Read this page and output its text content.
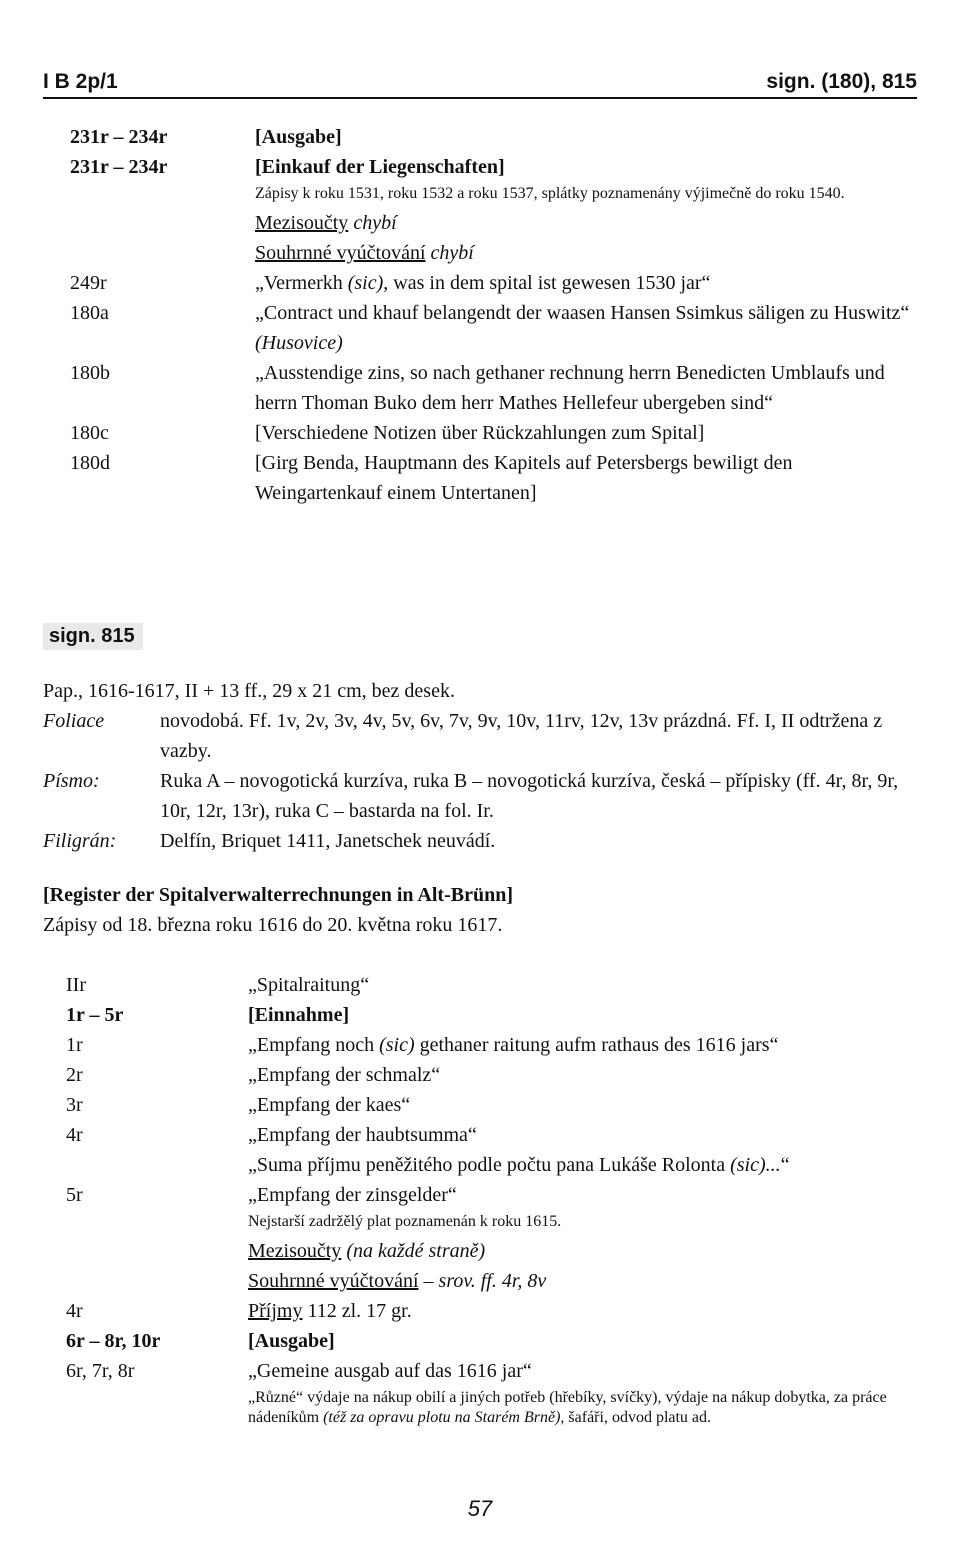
I B 2p/1	sign. (180), 815
231r – 234r	[Ausgabe]
231r – 234r	[Einkauf der Liegenschaften]
Zápisy k roku 1531, roku 1532 a roku 1537, splátky poznamenány výjimečně do roku 1540.
Mezisoučty chybí
Souhrnné vyúčtování chybí
249r	„Vermerkh (sic), was in dem spital ist gewesen 1530 jar“
180a	„Contract und khauf belangendt der waasen Hansen Ssimkus säligen zu Huswitz“ (Husovice)
180b	„Ausstendige zins, so nach gethaner rechnung herrn Benedicten Umblaufs und herrn Thoman Buko dem herr Mathes Hellefeur ubergeben sind“
180c	[Verschiedene Notizen über Rückzahlungen zum Spital]
180d	[Girg Benda, Hauptmann des Kapitels auf Petersbergs bewiligt den Weingartenkauf einem Untertanen]
sign. 815
Pap., 1616-1617, II + 13 ff., 29 x 21 cm, bez desek.
Foliace	novodobá. Ff. 1v, 2v, 3v, 4v, 5v, 6v, 7v, 9v, 10v, 11rv, 12v, 13v prázdná. Ff. I, II odtržena z vazby.
Písmo:	Ruka A – novogotická kurzíva, ruka B – novogotická kurzíva, česká – přípisky (ff. 4r, 8r, 9r, 10r, 12r, 13r), ruka C – bastarda na fol. Ir.
Filigrán:	Delfín, Briquet 1411, Janetschek neuvádí.
[Register der Spitalverwalterrechnungen in Alt-Brünn]
Zápisy od 18. března roku 1616 do 20. května roku 1617.
IIr	„Spitalraitung“
1r – 5r	[Einnahme]
1r	„Empfang noch (sic) gethaner raitung aufm rathaus des 1616 jars“
2r	„Empfang der schmalz“
3r	„Empfang der kaes“
4r	„Empfang der haubtsumma“
„Suma příjmu peněžitého podle počtu pana Lukáše Rolonta (sic)...“
5r	„Empfang der zinsgelder“
Nejstarší zadržělý plat poznamenán k roku 1615.
Mezisoučty (na každé straně)
Souhrnné vyúčtování – srov. ff. 4r, 8v
4r	Příjmy 112 zl. 17 gr.
6r – 8r, 10r	[Ausgabe]
6r, 7r, 8r	„Gemeine ausgab auf das 1616 jar“
„Různé“ výdaje na nákup obilí a jiných potřeb (hřebíky, svíčky), výdaje na nákup dobytka, za práce nádeníkům (též za opravu plotu na Starém Brně), šafáři, odvod platu ad.
57
